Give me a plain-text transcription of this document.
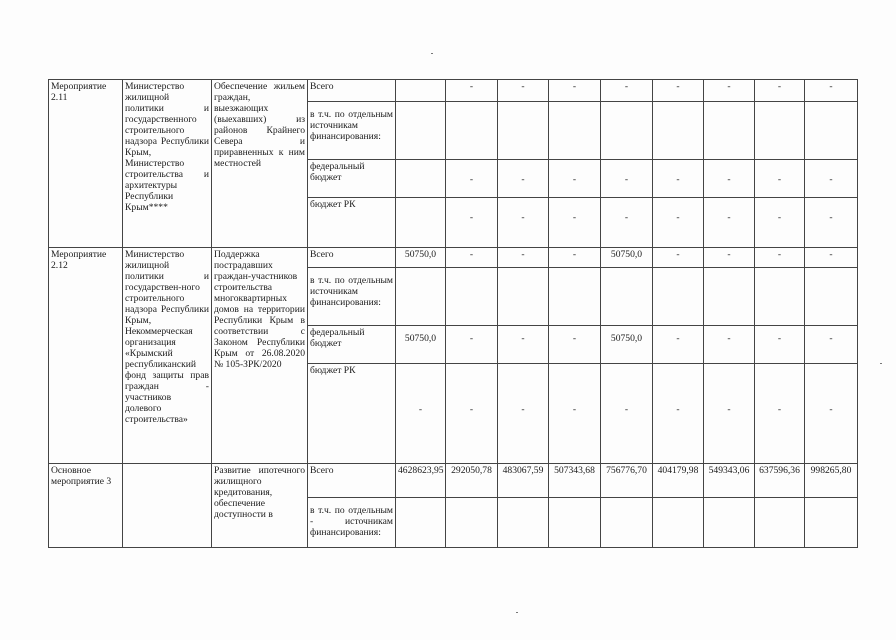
Мероприятие 2.11	Министерство жилищной политики и государственного строительного надзора Республики Крым, Министерство строительства и архитектуры Республики Крым****	Обеспечение жильем граждан, выезжающих (выехавших) из районов Крайнего Севера и приравненных к ним местностей	Всего		-	-	-	-	-	-	-	-
			в т.ч. по отдельным источникам финансирования:									
			федеральный бюджет		-	-	-	-	-	-	-	-
			бюджет РК		-	-	-	-	-	-	-	-
Мероприятие 2.12	Министерство жилищной политики и государствен-ного строительного надзора Республики Крым, Некоммерческая организация «Крымский республиканский фонд защиты прав граждан - участников долевого строительства»	Поддержка пострадавших граждан-участников строительства многоквартирных домов на территории Республики Крым в соответствии с Законом Республики Крым от 26.08.2020 № 105-ЗРК/2020	Всего	50750,0	-	-	-	50750,0	-	-	-	-
			в т.ч. по отдельным источникам финансирования:									
			федеральный бюджет	50750,0	-	-	-	50750,0	-	-	-	-
			бюджет РК	-	-	-	-	-	-	-	-	-
Основное мероприятие 3		Развитие ипотечного жилищного кредитования, обеспечение доступности в	Всего	4628623,95	292050,78	483067,59	507343,68	756776,70	404179,98	549343,06	637596,36	998265,80
			в т.ч. по отдельным - источникам финансирования:									
